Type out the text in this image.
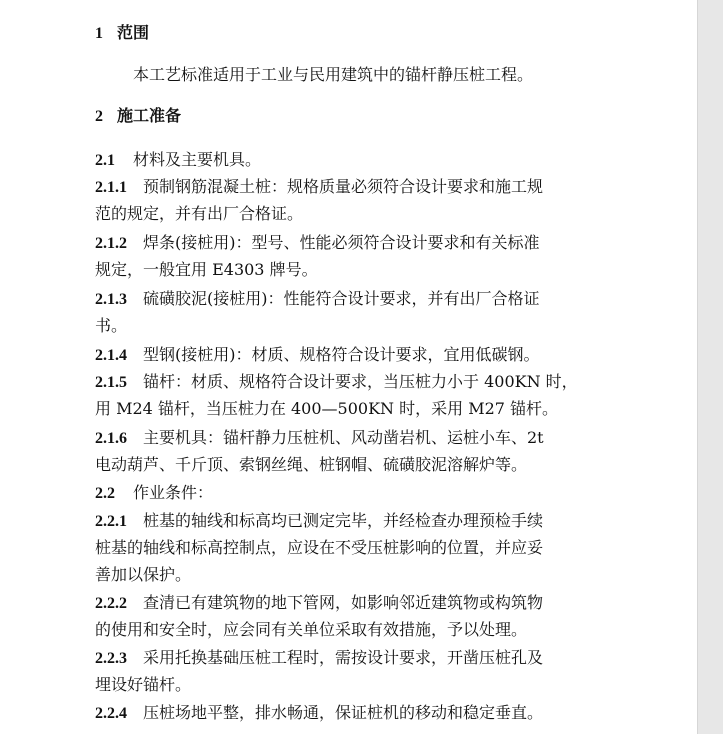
1 范围
本工艺标准适用于工业与民用建筑中的锚杆静压桩工程。
2 施工准备
2.1 材料及主要机具。
2.1.1 预制钢筋混凝土桩：规格质量必须符合设计要求和施工规
范的规定，并有出厂合格证。
2.1.2 焊条(接桩用)：型号、性能必须符合设计要求和有关标准
规定，一般宜用 E4303 牌号。
2.1.3 硫磺胶泥(接桩用)：性能符合设计要求，并有出厂合格证
书。
2.1.4 型钢(接桩用)：材质、规格符合设计要求，宜用低碳钢。
2.1.5 锚杆：材质、规格符合设计要求，当压桩力小于 400KN 时，
用 M24 锚杆，当压桩力在 400—500KN 时，采用 M27 锚杆。
2.1.6 主要机具：锚杆静力压桩机、风动凿岩机、运桩小车、2t
电动葫芦、千斤顶、索钢丝绳、桩钢帽、硫磺胶泥溶解炉等。
2.2 作业条件：
2.2.1 桩基的轴线和标高均已测定完毕，并经检查办理预检手续
桩基的轴线和标高控制点，应设在不受压桩影响的位置，并应妥
善加以保护。
2.2.2 查清已有建筑物的地下管网，如影响邻近建筑物或构筑物
的使用和安全时，应会同有关单位采取有效措施，予以处理。
2.2.3 采用托换基础压桩工程时，需按设计要求，开凿压桩孔及
埋设好锚杆。
2.2.4 压桩场地平整，排水畅通，保证桩机的移动和稳定垂直。
